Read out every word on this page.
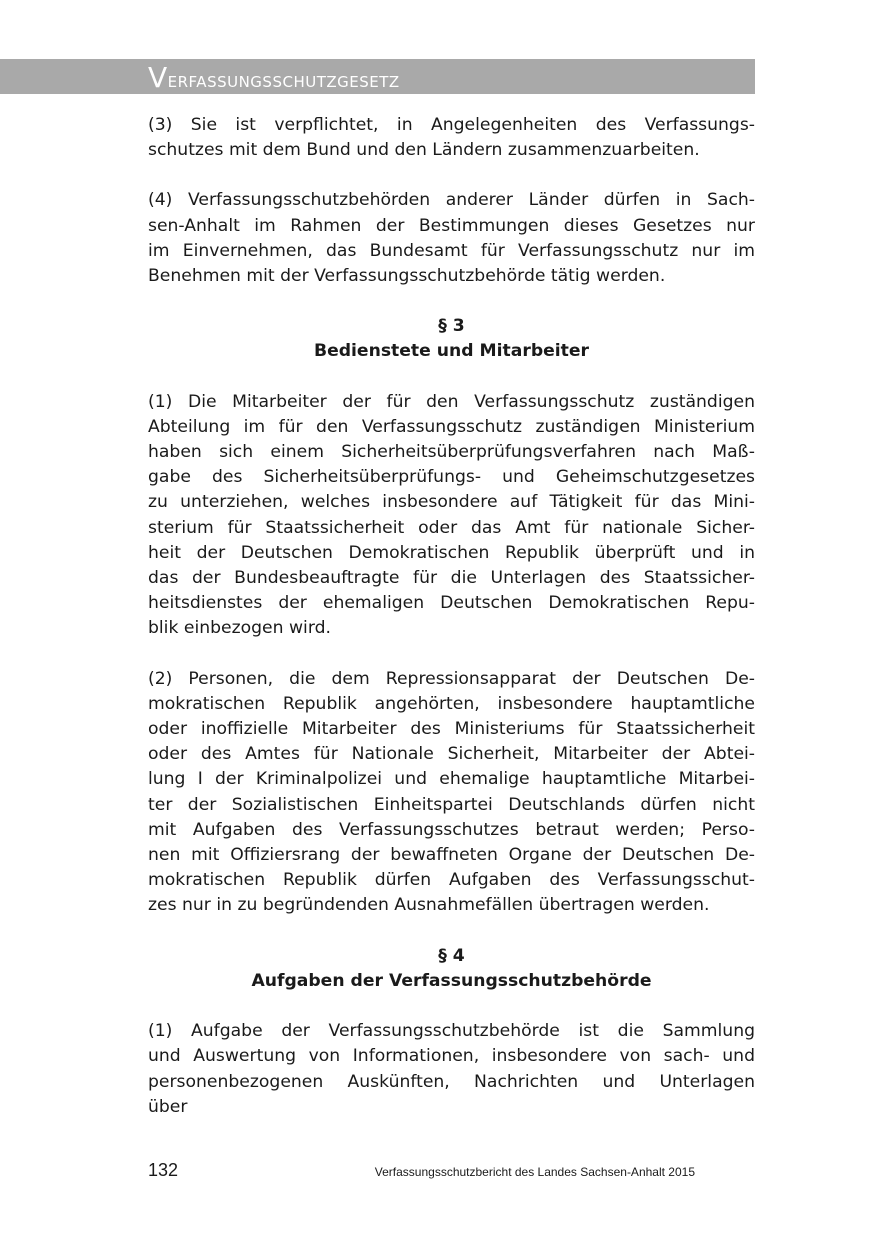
Verfassungsschutzgesetz
(3) Sie ist verpflichtet, in Angelegenheiten des Verfassungs-
schutzes mit dem Bund und den Ländern zusammenzuarbeiten.
(4) Verfassungsschutzbehörden anderer Länder dürfen in Sach-
sen-Anhalt im Rahmen der Bestimmungen dieses Gesetzes nur
im Einvernehmen, das Bundesamt für Verfassungsschutz nur im
Benehmen mit der Verfassungsschutzbehörde tätig werden.
§ 3
Bedienstete und Mitarbeiter
(1) Die Mitarbeiter der für den Verfassungsschutz zuständigen
Abteilung im für den Verfassungsschutz zuständigen Ministerium
haben sich einem Sicherheitsüberprüfungsverfahren nach Maß-
gabe des Sicherheitsüberprüfungs- und Geheimschutzgesetzes
zu unterziehen, welches insbesondere auf Tätigkeit für das Mini-
sterium für Staatssicherheit oder das Amt für nationale Sicher-
heit der Deutschen Demokratischen Republik überprüft und in
das der Bundesbeauftragte für die Unterlagen des Staatssicher-
heitsdienstes der ehemaligen Deutschen Demokratischen Repu-
blik einbezogen wird.
(2) Personen, die dem Repressionsapparat der Deutschen De-
mokratischen Republik angehörten, insbesondere hauptamtliche
oder inoffizielle Mitarbeiter des Ministeriums für Staatssicherheit
oder des Amtes für Nationale Sicherheit, Mitarbeiter der Abtei-
lung I der Kriminalpolizei und ehemalige hauptamtliche Mitarbei-
ter der Sozialistischen Einheitspartei Deutschlands dürfen nicht
mit Aufgaben des Verfassungsschutzes betraut werden; Perso-
nen mit Offiziersrang der bewaffneten Organe der Deutschen De-
mokratischen Republik dürfen Aufgaben des Verfassungsschut-
zes nur in zu begründenden Ausnahmefällen übertragen werden.
§ 4
Aufgaben der Verfassungsschutzbehörde
(1) Aufgabe der Verfassungsschutzbehörde ist die Sammlung
und Auswertung von Informationen, insbesondere von sach- und
personenbezogenen Auskünften, Nachrichten und Unterlagen
über
132	Verfassungsschutzbericht des Landes Sachsen-Anhalt 2015
